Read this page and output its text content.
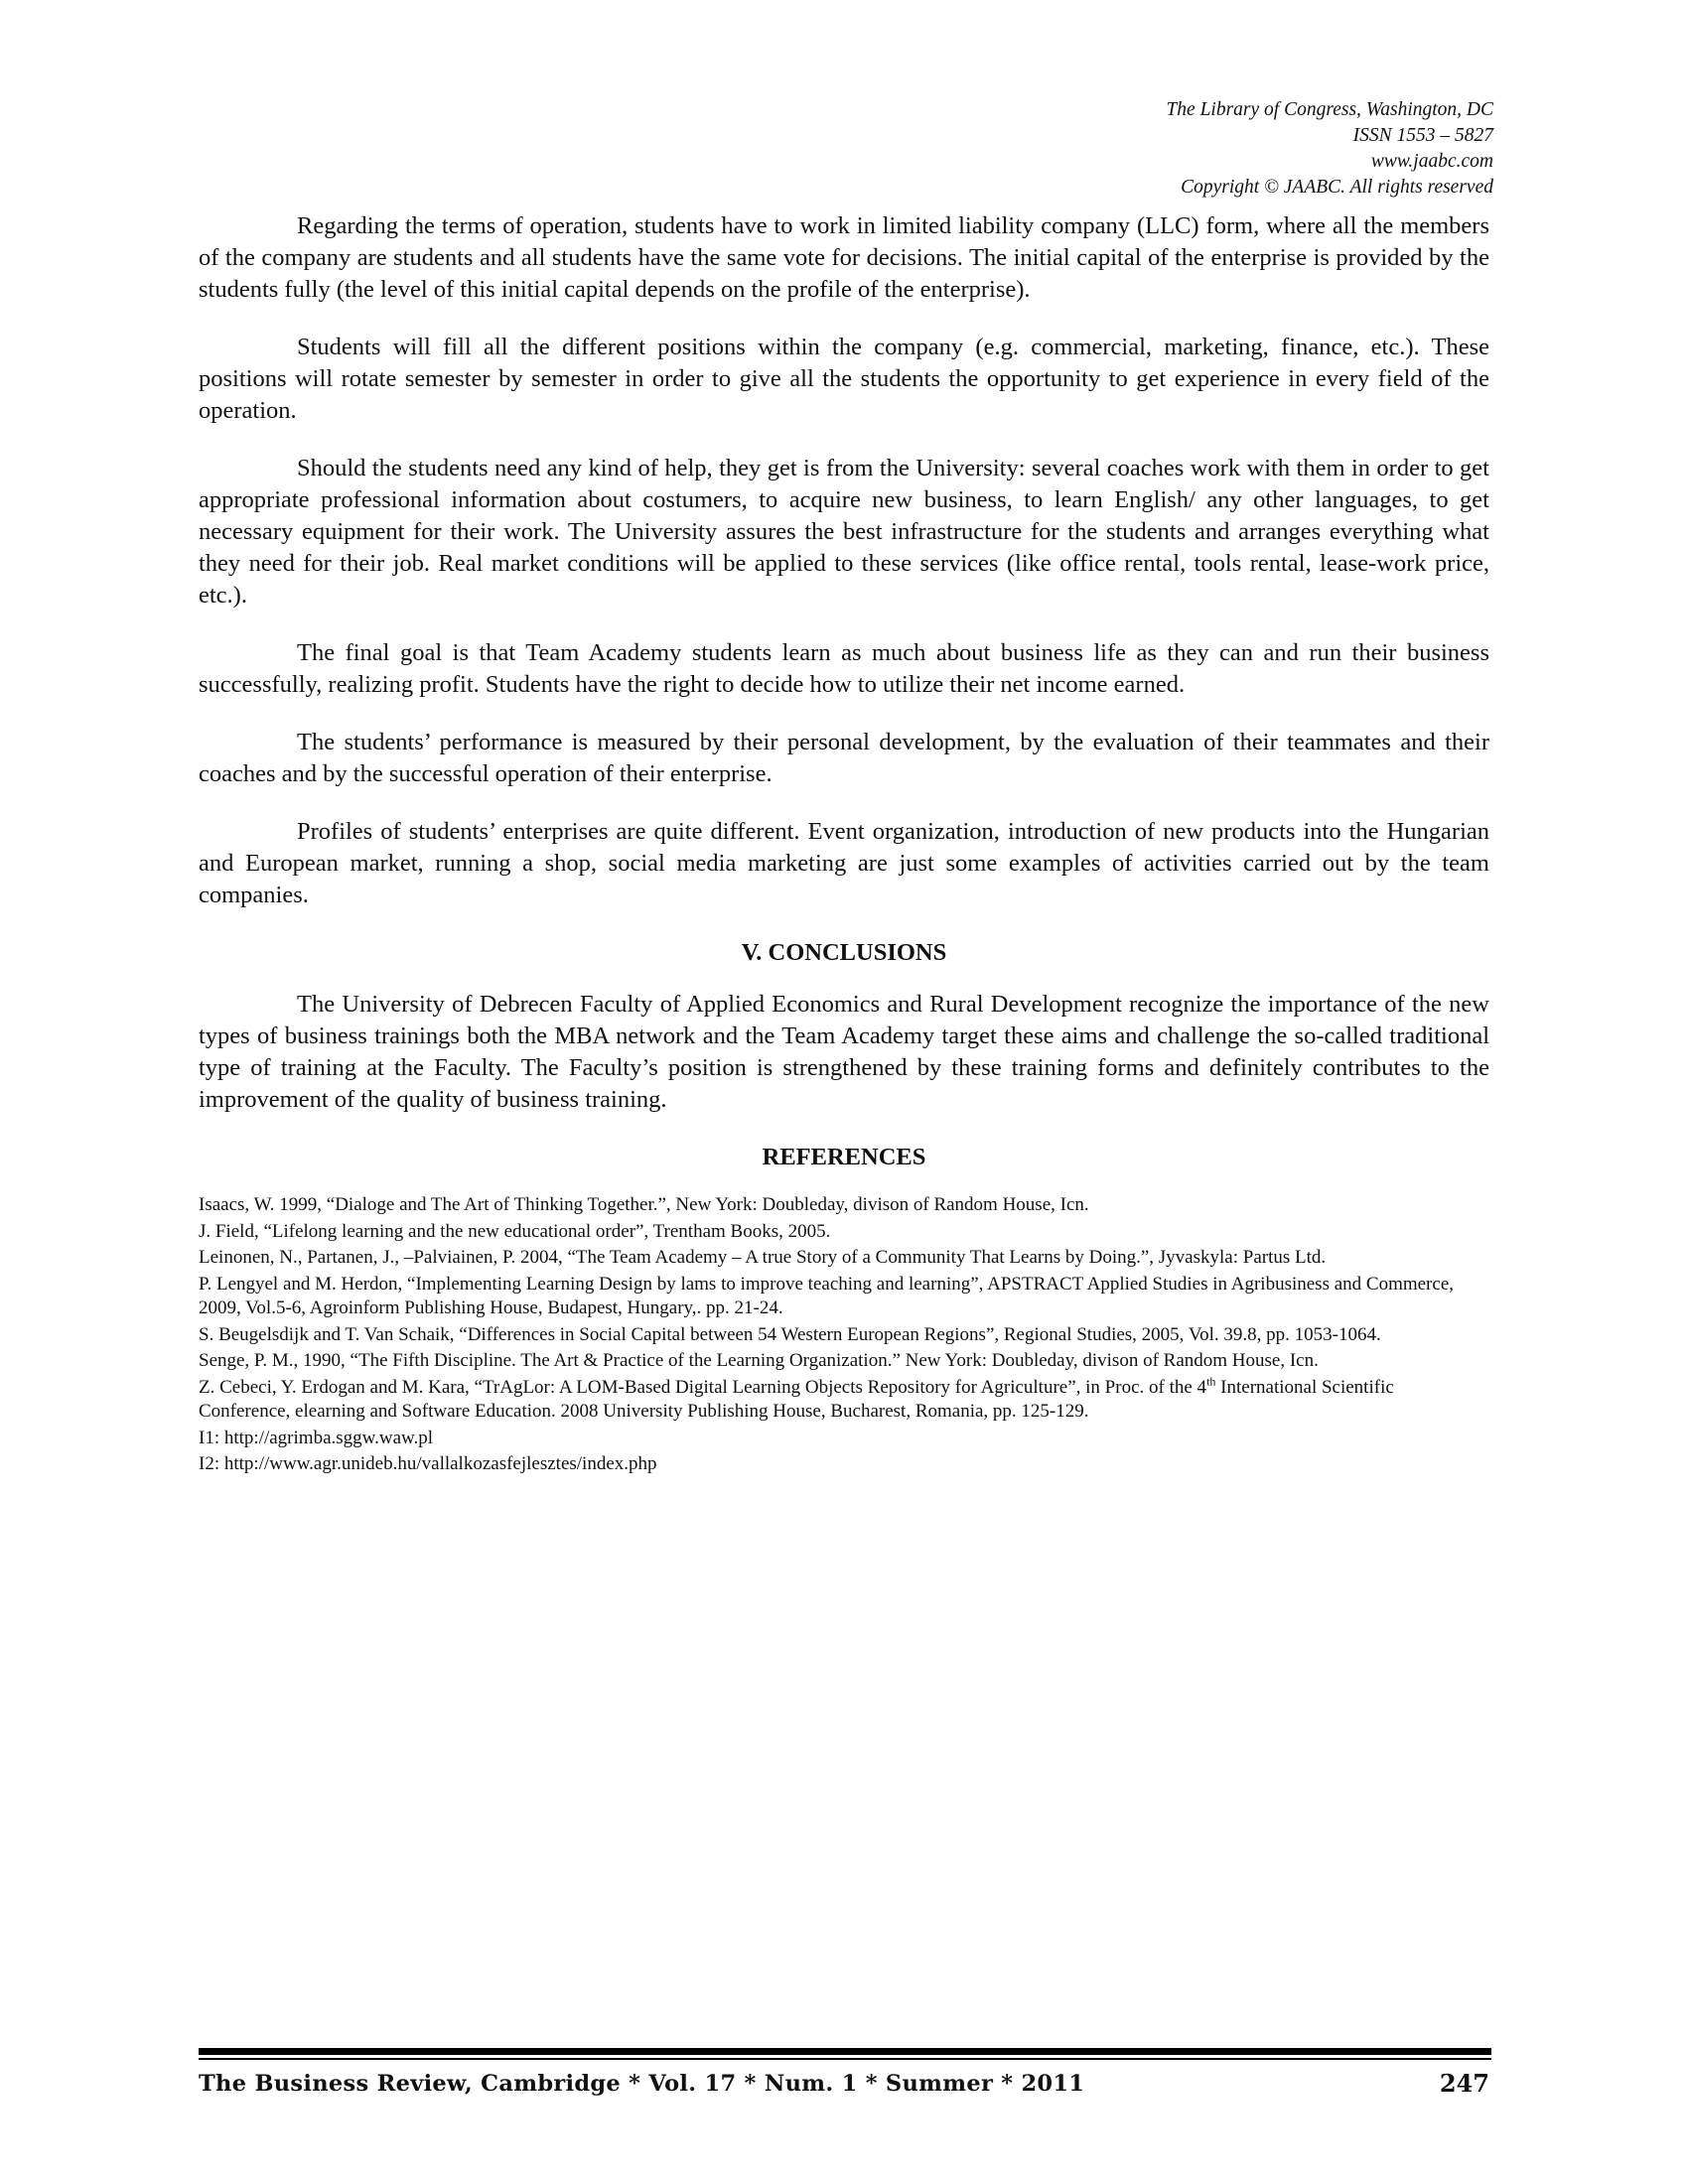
The Library of Congress, Washington, DC
ISSN 1553 – 5827
www.jaabc.com
Copyright © JAABC. All rights reserved

Regarding the terms of operation, students have to work in limited liability company (LLC) form, where all the members of the company are students and all students have the same vote for decisions. The initial capital of the enterprise is provided by the students fully (the level of this initial capital depends on the profile of the enterprise).

Students will fill all the different positions within the company (e.g. commercial, marketing, finance, etc.). These positions will rotate semester by semester in order to give all the students the opportunity to get experience in every field of the operation.

Should the students need any kind of help, they get is from the University: several coaches work with them in order to get appropriate professional information about costumers, to acquire new business, to learn English/ any other languages, to get necessary equipment for their work. The University assures the best infrastructure for the students and arranges everything what they need for their job. Real market conditions will be applied to these services (like office rental, tools rental, lease-work price, etc.).

The final goal is that Team Academy students learn as much about business life as they can and run their business successfully, realizing profit. Students have the right to decide how to utilize their net income earned.

The students’ performance is measured by their personal development, by the evaluation of their teammates and their coaches and by the successful operation of their enterprise.

Profiles of students’ enterprises are quite different. Event organization, introduction of new products into the Hungarian and European market, running a shop, social media marketing are just some examples of activities carried out by the team companies.

V. CONCLUSIONS

The University of Debrecen Faculty of Applied Economics and Rural Development recognize the importance of the new types of business trainings both the MBA network and the Team Academy target these aims and challenge the so-called traditional type of training at the Faculty. The Faculty’s position is strengthened by these training forms and definitely contributes to the improvement of the quality of business training.

REFERENCES

Isaacs, W. 1999, “Dialoge and The Art of Thinking Together.”, New York: Doubleday, divison of Random House, Icn.

J. Field, “Lifelong learning and the new educational order”, Trentham Books, 2005.

Leinonen, N., Partanen, J., –Palviainen, P. 2004, “The Team Academy – A true Story of a Community That Learns by Doing.”, Jyvaskyla: Partus Ltd.

P. Lengyel and M. Herdon, “Implementing Learning Design by lams to improve teaching and learning”, APSTRACT Applied Studies in Agribusiness and Commerce, 2009, Vol.5-6, Agroinform Publishing House, Budapest, Hungary,. pp. 21-24.

S. Beugelsdijk and T. Van Schaik, “Differences in Social Capital between 54 Western European Regions”, Regional Studies, 2005, Vol. 39.8, pp. 1053-1064.

Senge, P. M., 1990, “The Fifth Discipline. The Art & Practice of the Learning Organization.” New York: Doubleday, divison of Random House, Icn.

Z. Cebeci, Y. Erdogan and M. Kara, “TrAgLor: A LOM-Based Digital Learning Objects Repository for Agriculture”, in Proc. of the 4th International Scientific Conference, elearning and Software Education. 2008 University Publishing House, Bucharest, Romania, pp. 125-129.

I1: http://agrimba.sggw.waw.pl

I2: http://www.agr.unideb.hu/vallalkozasfejlesztes/index.php

The Business Review, Cambridge * Vol. 17 * Num. 1 * Summer * 2011	247
